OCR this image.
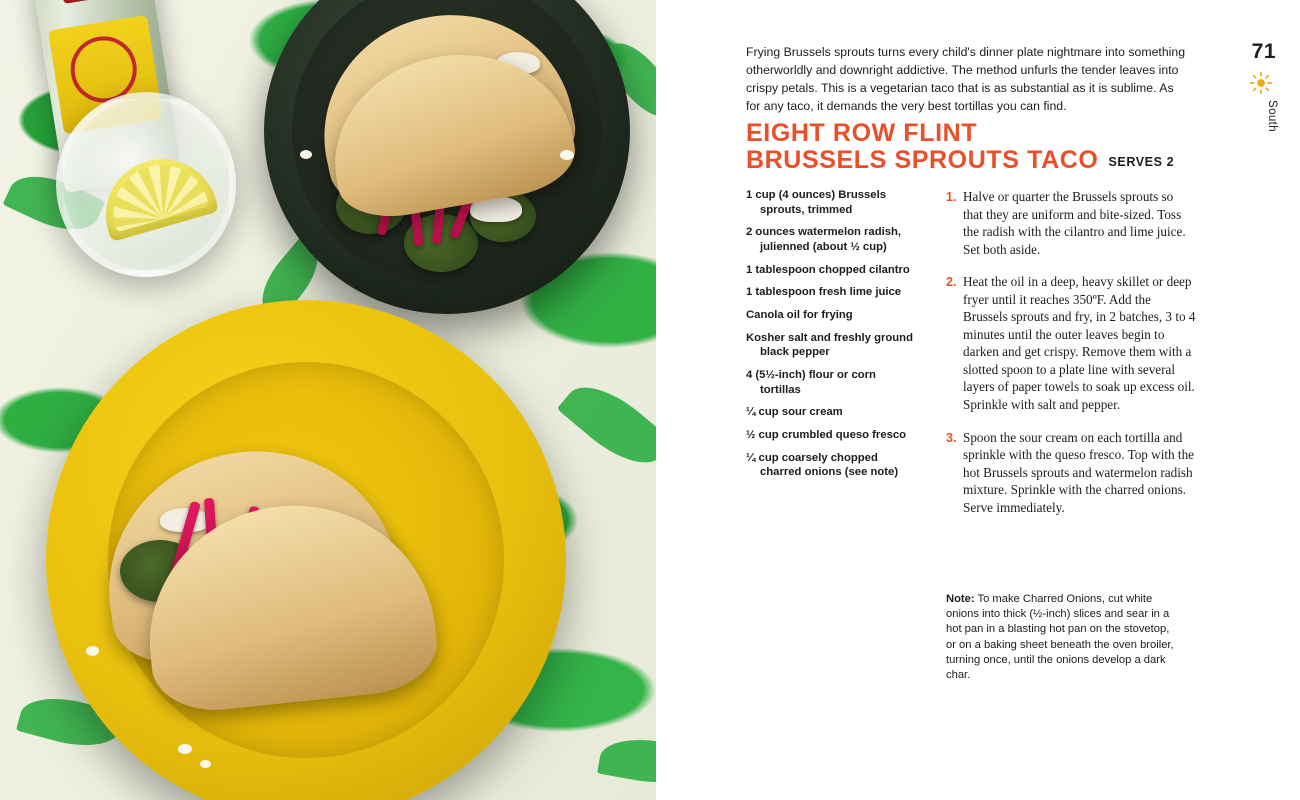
71
South
Frying Brussels sprouts turns every child's dinner plate nightmare into something otherworldly and downright addictive. The method unfurls the tender leaves into crispy petals. This is a vegetarian taco that is as substantial as it is sublime. As for any taco, it demands the very best tortillas you can find.
EIGHT ROW FLINT
BRUSSELS SPROUTS TACO SERVES 2
1 cup (4 ounces) Brussels sprouts, trimmed
2 ounces watermelon radish, julienned (about ½ cup)
1 tablespoon chopped cilantro
1 tablespoon fresh lime juice
Canola oil for frying
Kosher salt and freshly ground black pepper
4 (5½-inch) flour or corn tortillas
¼ cup sour cream
½ cup crumbled queso fresco
¼ cup coarsely chopped charred onions (see note)
1. Halve or quarter the Brussels sprouts so that they are uniform and bite-sized. Toss the radish with the cilantro and lime juice. Set both aside.
2. Heat the oil in a deep, heavy skillet or deep fryer until it reaches 350ºF. Add the Brussels sprouts and fry, in 2 batches, 3 to 4 minutes until the outer leaves begin to darken and get crispy. Remove them with a slotted spoon to a plate line with several layers of paper towels to soak up excess oil. Sprinkle with salt and pepper.
3. Spoon the sour cream on each tortilla and sprinkle with the queso fresco. Top with the hot Brussels sprouts and watermelon radish mixture. Sprinkle with the charred onions. Serve immediately.
Note: To make Charred Onions, cut white onions into thick (½-inch) slices and sear in a hot pan in a blasting hot pan on the stovetop, or on a baking sheet beneath the oven broiler, turning once, until the onions develop a dark char.
